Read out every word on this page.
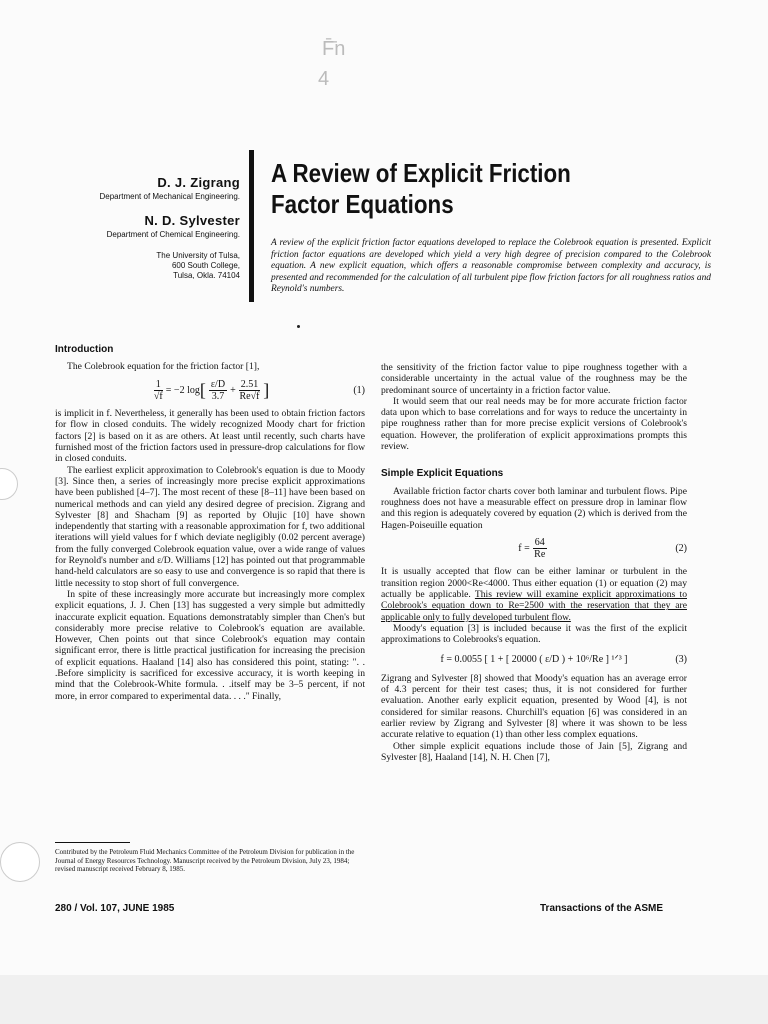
F̄̄n
4
D. J. Zigrang
Department of Mechanical Engineering.
N. D. Sylvester
Department of Chemical Engineering.
The University of Tulsa,
600 South College,
Tulsa, Okla. 74104
A Review of Explicit Friction Factor Equations
A review of the explicit friction factor equations developed to replace the Colebrook equation is presented. Explicit friction factor equations are developed which yield a very high degree of precision compared to the Colebrook equation. A new explicit equation, which offers a reasonable compromise between complexity and accuracy, is presented and recommended for the calculation of all turbulent pipe flow friction factors for all roughness ratios and Reynold's numbers.
Introduction

The Colebrook equation for the friction factor [1],

$\frac{1}{√f} = -2$ log [ $\frac{\varepsilon/D}{3.7} + \frac{2.51}{Re√f}$ ]	(1)

is implicit in f. Nevertheless, it generally has been used to obtain friction factors for flow in closed conduits. The widely recognized Moody chart for friction factors [2] is based on it as are others. At least until recently, such charts have furnished most of the friction factors used in pressure-drop calculations for flow in closed conduits.

The earliest explicit approximation to Colebrook's equation is due to Moody [3]. Since then, a series of increasingly more precise explicit approximations have been published [4–7]. The most recent of these [8–11] have been based on numerical methods and can yield any desired degree of precision. Zigrang and Sylvester [8] and Shacham [9] as reported by Olujic [10] have shown independently that starting with a reasonable approximation for f, two additional iterations will yield values for f which deviate negligibly (0.02 percent average) from the fully converged Colebrook equation value, over a wide range of values for Reynold's number and ε/D. Williams [12] has pointed out that programmable hand-held calculators are so easy to use and convergence is so rapid that there is little necessity to stop short of full convergence.

In spite of these increasingly more accurate but increasingly more complex explicit equations, J. J. Chen [13] has suggested a very simple but admittedly inaccurate explicit equation. Equations demonstratably simpler than Chen's but considerably more precise relative to Colebrook's equation are available. However, Chen points out that since Colebrook's equation may contain significant error, there is little practical justification for increasing the precision of explicit equations. Haaland [14] also has considered this point, stating: ". . .Before simplicity is sacrificed for excessive accuracy, it is worth keeping in mind that the Colebrook-White formula. . .itself may be 3–5 percent, if not more, in error compared to experimental data. . . ." Finally,

the sensitivity of the friction factor value to pipe roughness together with a considerable uncertainty in the actual value of the roughness may be the predominant source of uncertainty in a friction factor value.

It would seem that our real needs may be for more accurate friction factor data upon which to base correlations and for ways to reduce the uncertainty in pipe roughness rather than for more precise explicit versions of Colebrook's equation. However, the proliferation of explicit approximations prompts this review.

Simple Explicit Equations

Available friction factor charts cover both laminar and turbulent flows. Pipe roughness does not have a measurable effect on pressure drop in laminar flow and this region is adequately covered by equation (2) which is derived from the Hagen-Poiseuille equation

$f = \frac{64}{Re}$	(2)

It is usually accepted that flow can be either laminar or turbulent in the transition region 2000<Re<4000. Thus either equation (1) or equation (2) may actually be applicable. This review will examine explicit approximations to Colebrook's equation down to Re=2500 with the reservation that they are applicable only to fully developed turbulent flow.

Moody's equation [3] is included because it was the first of the explicit approximations to Colebrooks's equation.

f = 0.0055 [ 1 + [ 20000 ( ε/D ) + 10⁶/Re ] ¹ᐟ³ ]	(3)

Zigrang and Sylvester [8] showed that Moody's equation has an average error of 4.3 percent for their test cases; thus, it is not considered for further evaluation. Another early explicit equation, presented by Wood [4], is not considered for similar reasons. Churchill's equation [6] was considered in an earlier review by Zigrang and Sylvester [8] where it was shown to be less accurate relative to equation (1) than other less complex equations.

Other simple explicit equations include those of Jain [5], Zigrang and Sylvester [8], Haaland [14], N. H. Chen [7],

Contributed by the Petroleum Fluid Mechanics Committee of the Petroleum Division for publication in the Journal of Energy Resources Technology. Manuscript received by the Petroleum Division, July 23, 1984; revised manuscript received February 8, 1985.
280 / Vol. 107, JUNE 1985	Transactions of the ASME
